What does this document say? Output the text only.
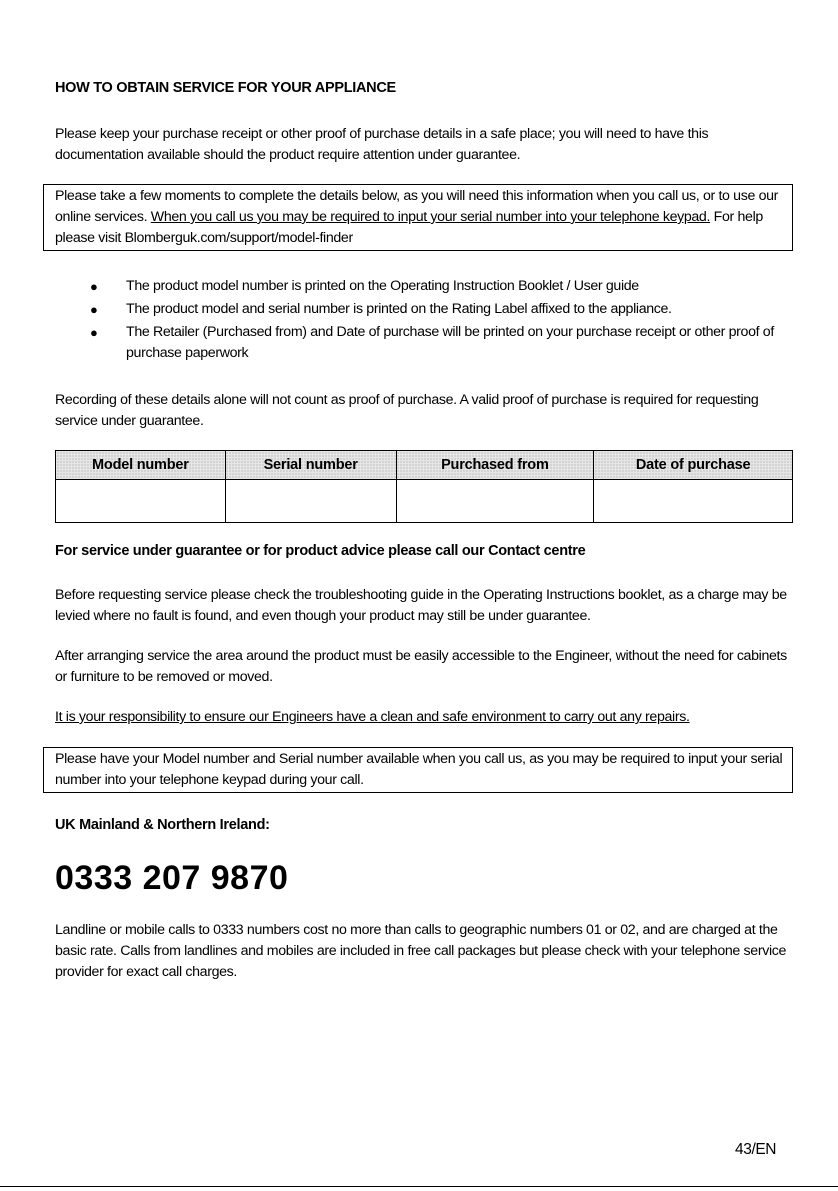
HOW TO OBTAIN SERVICE FOR YOUR APPLIANCE

Please keep your purchase receipt or other proof of purchase details in a safe place; you will need to have this documentation available should the product require attention under guarantee.

Please take a few moments to complete the details below, as you will need this information when you call us, or to use our online services. When you call us you may be required to input your serial number into your telephone keypad. For help please visit Blomberguk.com/support/model-finder
● The product model number is printed on the Operating Instruction Booklet / User guide
● The product model and serial number is printed on the Rating Label affixed to the appliance.
● The Retailer (Purchased from) and Date of purchase will be printed on your purchase receipt or other proof of purchase paperwork

Recording of these details alone will not count as proof of purchase. A valid proof of purchase is required for requesting service under guarantee.

Model number	Serial number	Purchased from	Date of purchase

For service under guarantee or for product advice please call our Contact centre

Before requesting service please check the troubleshooting guide in the Operating Instructions booklet, as a charge may be levied where no fault is found, and even though your product may still be under guarantee.

After arranging service the area around the product must be easily accessible to the Engineer, without the need for cabinets or furniture to be removed or moved.

It is your responsibility to ensure our Engineers have a clean and safe environment to carry out any repairs.

Please have your Model number and Serial number available when you call us, as you may be required to input your serial number into your telephone keypad during your call.
UK Mainland & Northern Ireland:

0333 207 9870

Landline or mobile calls to 0333 numbers cost no more than calls to geographic numbers 01 or 02, and are charged at the basic rate. Calls from landlines and mobiles are included in free call packages but please check with your telephone service provider for exact call charges.

43/EN
